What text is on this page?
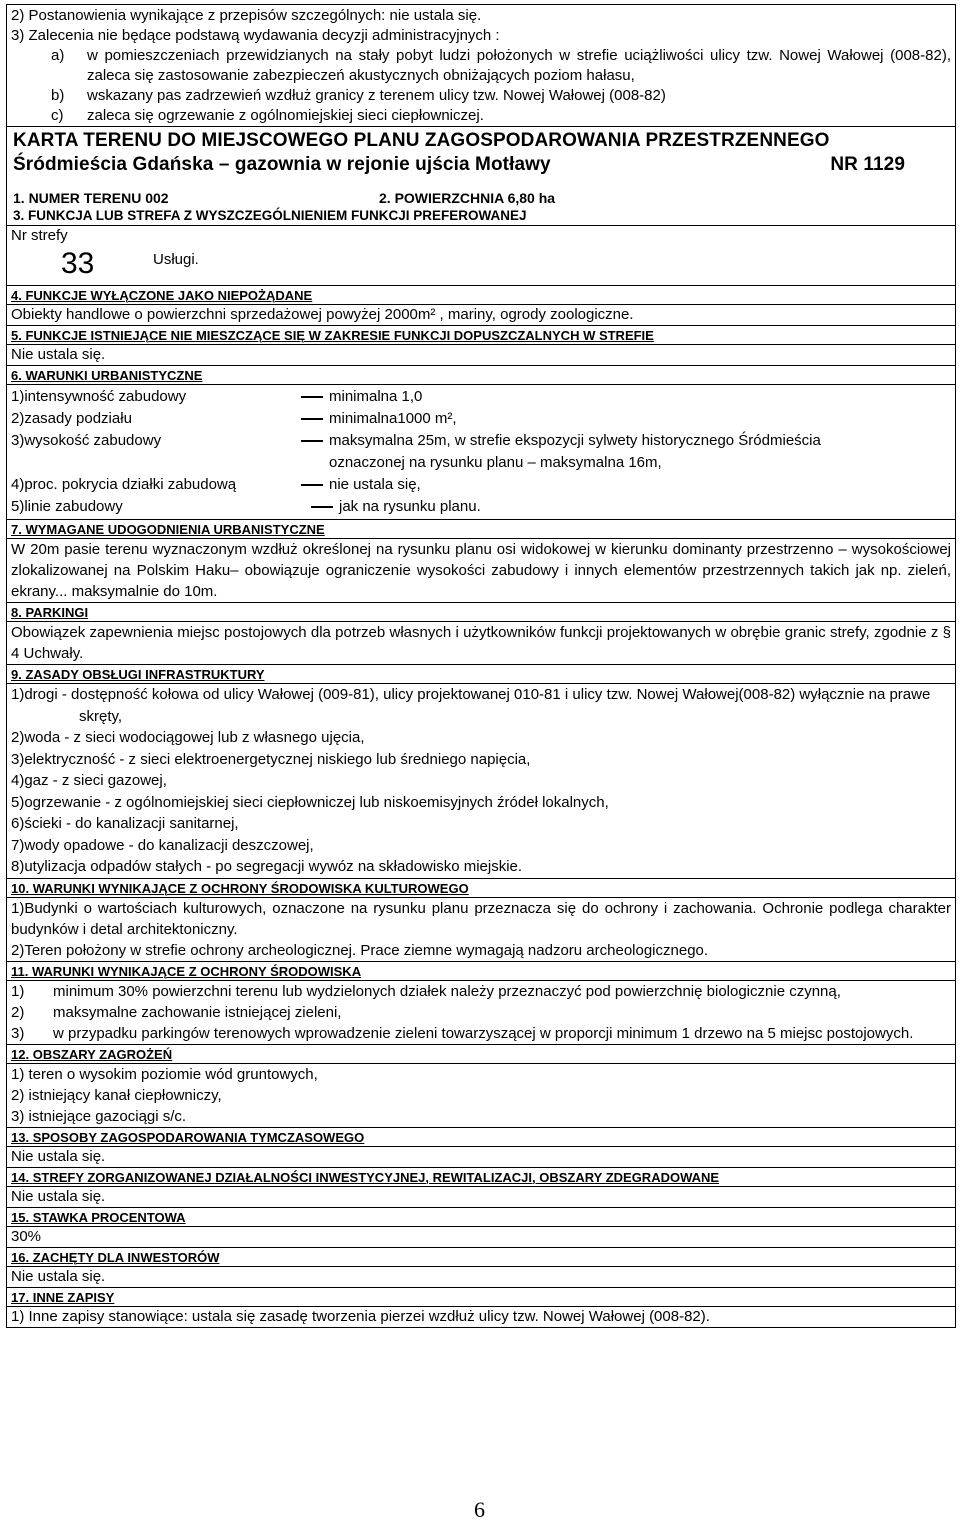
2) Postanowienia wynikające z przepisów szczególnych: nie ustala się.
3) Zalecenia nie będące podstawą wydawania decyzji administracyjnych :
a) w pomieszczeniach przewidzianych na stały pobyt ludzi położonych w strefie uciążliwości ulicy tzw. Nowej Wałowej (008-82), zaleca się zastosowanie zabezpieczeń akustycznych obniżających poziom hałasu,
b) wskazany pas zadrzewień wzdłuż granicy z terenem ulicy tzw. Nowej Wałowej (008-82)
c) zaleca się ogrzewanie z ogólnomiejskiej sieci ciepłowniczej.
KARTA TERENU DO MIEJSCOWEGO PLANU ZAGOSPODAROWANIA PRZESTRZENNEGO
Śródmieścia Gdańska – gazownia w rejonie ujścia Motławy	NR 1129
1. NUMER TERENU 002	2. POWIERZCHNIA 6,80 ha
3. FUNKCJA LUB STREFA Z WYSZCZEGÓLNIENIEM FUNKCJI PREFEROWANEJ
Nr strefy
33	Usługi.
4. FUNKCJE WYŁĄCZONE JAKO NIEPOŻĄDANE
Obiekty handlowe o powierzchni sprzedażowej powyżej 2000m² , mariny, ogrody zoologiczne.
5. FUNKCJE ISTNIEJĄCE NIE MIESZCZĄCE SIĘ W ZAKRESIE FUNKCJI DOPUSZCZALNYCH W STREFIE
Nie ustala się.
6. WARUNKI URBANISTYCZNE
1)intensywność zabudowy	minimalna 1,0
2)zasady podziału	minimalna1000 m²,
3)wysokość zabudowy	maksymalna 25m, w strefie ekspozycji sylwety historycznego Śródmieścia
oznaczonej na rysunku planu – maksymalna 16m,
4)proc. pokrycia działki zabudową	nie ustala się,
5)linie zabudowy	jak na rysunku planu.
7. WYMAGANE UDOGODNIENIA URBANISTYCZNE
W 20m pasie terenu wyznaczonym wzdłuż określonej na rysunku planu osi widokowej w kierunku dominanty przestrzenno – wysokościowej zlokalizowanej na Polskim Haku– obowiązuje ograniczenie wysokości zabudowy i innych elementów przestrzennych takich jak np. zieleń, ekrany... maksymalnie do 10m.
8. PARKINGI
Obowiązek zapewnienia miejsc postojowych dla potrzeb własnych i użytkowników funkcji projektowanych w obrębie granic strefy, zgodnie z § 4 Uchwały.
9. ZASADY OBSŁUGI INFRASTRUKTURY
1)drogi - dostępność kołowa od ulicy Wałowej (009-81), ulicy projektowanej 010-81 i ulicy tzw. Nowej Wałowej(008-82) wyłącznie na prawe skręty,
2)woda - z sieci wodociągowej lub z własnego ujęcia,
3)elektryczność - z sieci elektroenergetycznej niskiego lub średniego napięcia,
4)gaz - z sieci gazowej,
5)ogrzewanie - z ogólnomiejskiej sieci ciepłowniczej lub niskoemisyjnych źródeł lokalnych,
6)ścieki - do kanalizacji sanitarnej,
7)wody opadowe - do kanalizacji deszczowej,
8)utylizacja odpadów stałych - po segregacji wywóz na składowisko miejskie.
10. WARUNKI WYNIKAJĄCE Z OCHRONY ŚRODOWISKA KULTUROWEGO
1)Budynki o wartościach kulturowych, oznaczone na rysunku planu przeznacza się do ochrony i zachowania. Ochronie podlega charakter budynków i detal architektoniczny.
2)Teren położony w strefie ochrony archeologicznej. Prace ziemne wymagają nadzoru archeologicznego.
11. WARUNKI WYNIKAJĄCE Z OCHRONY ŚRODOWISKA
1)	minimum 30% powierzchni terenu lub wydzielonych działek należy przeznaczyć pod powierzchnię biologicznie czynną,
2)	maksymalne zachowanie istniejącej zieleni,
3)	w przypadku parkingów terenowych wprowadzenie zieleni towarzyszącej w proporcji minimum 1 drzewo na 5 miejsc postojowych.
12. OBSZARY ZAGROŻEŃ
1) teren o wysokim poziomie wód gruntowych,
2) istniejący kanał ciepłowniczy,
3) istniejące gazociągi s/c.
13. SPOSOBY ZAGOSPODAROWANIA TYMCZASOWEGO
Nie ustala się.
14. STREFY ZORGANIZOWANEJ DZIAŁALNOŚCI INWESTYCYJNEJ, REWITALIZACJI, OBSZARY ZDEGRADOWANE
Nie ustala się.
15. STAWKA PROCENTOWA
30%
16. ZACHĘTY DLA INWESTORÓW
Nie ustala się.
17. INNE ZAPISY
1) Inne zapisy stanowiące: ustala się zasadę tworzenia pierzei wzdłuż ulicy tzw. Nowej Wałowej (008-82).
6
